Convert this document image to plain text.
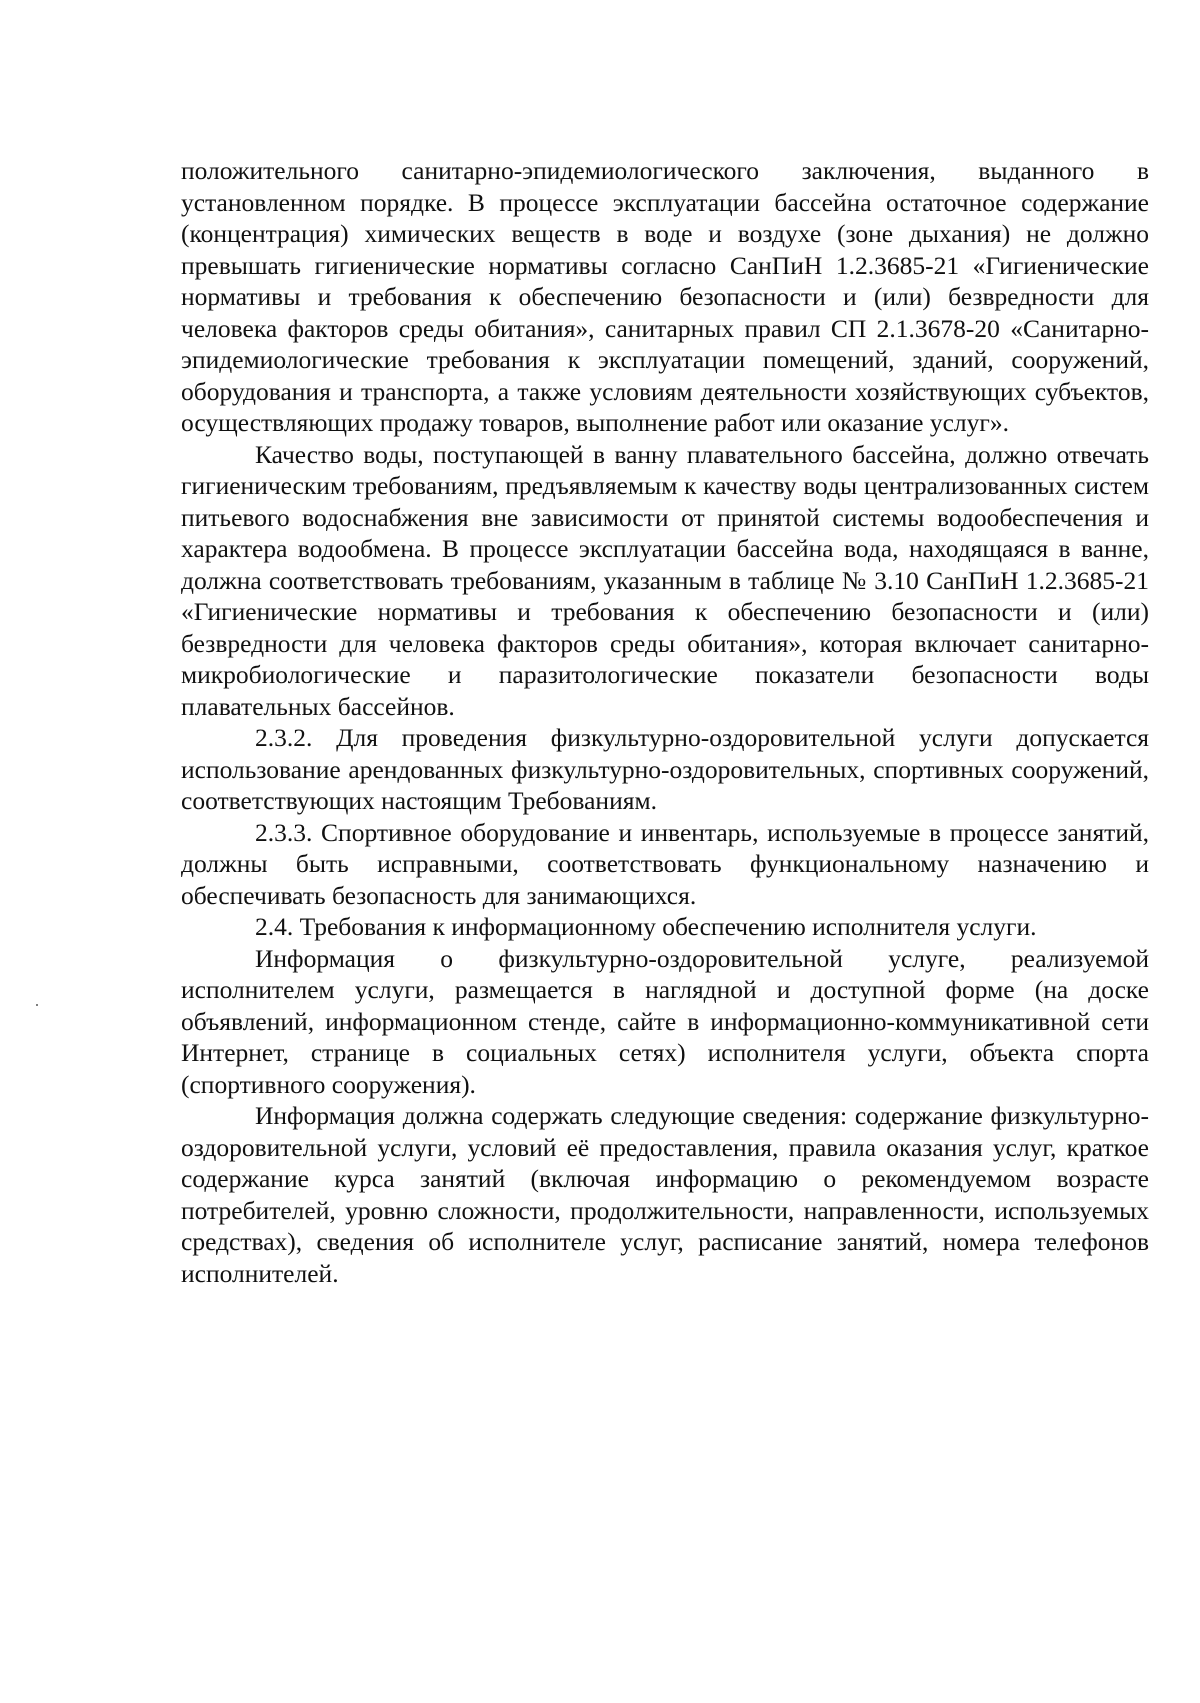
положительного санитарно-эпидемиологического заключения, выданного в установленном порядке. В процессе эксплуатации бассейна остаточное содержание (концентрация) химических веществ в воде и воздухе (зоне дыхания) не должно превышать гигиенические нормативы согласно СанПиН 1.2.3685-21 «Гигиенические нормативы и требования к обеспечению безопасности и (или) безвредности для человека факторов среды обитания», санитарных правил СП 2.1.3678-20 «Санитарно-эпидемиологические требования к эксплуатации помещений, зданий, сооружений, оборудования и транспорта, а также условиям деятельности хозяйствующих субъектов, осуществляющих продажу товаров, выполнение работ или оказание услуг».

Качество воды, поступающей в ванну плавательного бассейна, должно отвечать гигиеническим требованиям, предъявляемым к качеству воды централизованных систем питьевого водоснабжения вне зависимости от принятой системы водообеспечения и характера водообмена. В процессе эксплуатации бассейна вода, находящаяся в ванне, должна соответствовать требованиям, указанным в таблице № 3.10 СанПиН 1.2.3685-21 «Гигиенические нормативы и требования к обеспечению безопасности и (или) безвредности для человека факторов среды обитания», которая включает санитарно-микробиологические и паразитологические показатели безопасности воды плавательных бассейнов.

2.3.2. Для проведения физкультурно-оздоровительной услуги допускается использование арендованных физкультурно-оздоровительных, спортивных сооружений, соответствующих настоящим Требованиям.

2.3.3. Спортивное оборудование и инвентарь, используемые в процессе занятий, должны быть исправными, соответствовать функциональному назначению и обеспечивать безопасность для занимающихся.

2.4. Требования к информационному обеспечению исполнителя услуги.

Информация о физкультурно-оздоровительной услуге, реализуемой исполнителем услуги, размещается в наглядной и доступной форме (на доске объявлений, информационном стенде, сайте в информационно-коммуникативной сети Интернет, странице в социальных сетях) исполнителя услуги, объекта спорта (спортивного сооружения).

Информация должна содержать следующие сведения: содержание физкультурно-оздоровительной услуги, условий её предоставления, правила оказания услуг, краткое содержание курса занятий (включая информацию о рекомендуемом возрасте потребителей, уровню сложности, продолжительности, направленности, используемых средствах), сведения об исполнителе услуг, расписание занятий, номера телефонов исполнителей.
